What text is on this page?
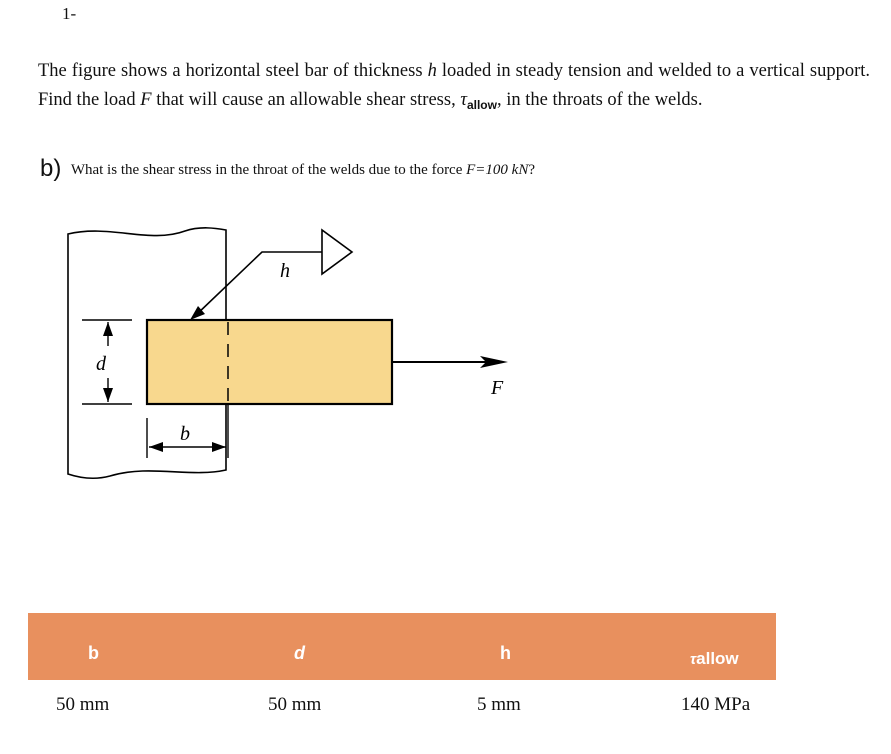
1-
The figure shows a horizontal steel bar of thickness h loaded in steady tension and welded to a vertical support. Find the load F that will cause an allowable shear stress, $\tau_{allow}$, in the throats of the welds.
b) What is the shear stress in the throat of the welds due to the force F=100 kN?
h
d
b
F
b	d	h	τallow
50 mm	50 mm	5 mm	140 MPa
